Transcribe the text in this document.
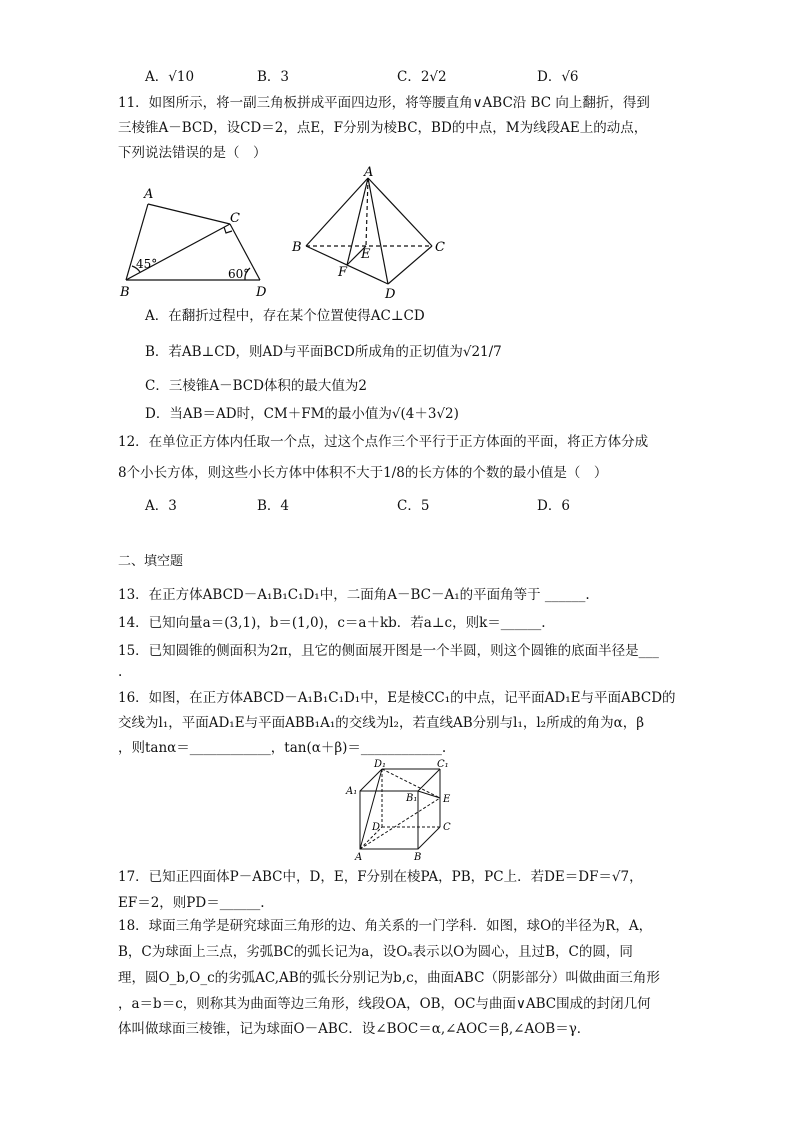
A．√10	B．3	C．2√2	D．√6
11．如图所示，将一副三角板拼成平面四边形，将等腰直角∨ABC沿 BC 向上翻折，得到
三棱锥A－BCD，设CD＝2，点E，F分别为棱BC，BD的中点，M为线段AE上的动点，
下列说法错误的是（　）
A
C
B	D
45°
60°
A
B	C
D
E
F
A．在翻折过程中，存在某个位置使得AC⊥CD
B．若AB⊥CD，则AD与平面BCD所成角的正切值为√21/7
C．三棱锥A－BCD体积的最大值为2
D．当AB＝AD时，CM＋FM的最小值为√(4＋3√2)
12．在单位正方体内任取一个点，过这个点作三个平行于正方体面的平面，将正方体分成
8个小长方体，则这些小长方体中体积不大于1/8的长方体的个数的最小值是（　）
A．3	B．4	C．5	D．6
二、填空题
13．在正方体ABCD－A₁B₁C₁D₁中，二面角A－BC－A₁的平面角等于 ______.
14．已知向量a＝(3,1)，b＝(1,0)，c＝a＋kb．若a⊥c，则k＝______.
15．已知圆锥的侧面积为2π，且它的侧面展开图是一个半圆，则这个圆锥的底面半径是___
.
16．如图，在正方体ABCD－A₁B₁C₁D₁中，E是棱CC₁的中点，记平面AD₁E与平面ABCD的
交线为l₁，平面AD₁E与平面ABB₁A₁的交线为l₂，若直线AB分别与l₁，l₂所成的角为α，β
，则tanα＝____________，tan(α＋β)＝____________.
D₁	C₁
A₁
B₁	E
D	C
A	B
17．已知正四面体P－ABC中，D，E，F分别在棱PA，PB，PC上．若DE＝DF＝√7，
EF＝2，则PD＝______.
18．球面三角学是研究球面三角形的边、角关系的一门学科．如图，球O的半径为R，A，
B，C为球面上三点，劣弧BC的弧长记为a，设Oₐ表示以O为圆心，且过B，C的圆，同
理，圆O_b,O_c的劣弧AC,AB的弧长分别记为b,c，曲面ABC（阴影部分）叫做曲面三角形
，a＝b＝c，则称其为曲面等边三角形，线段OA，OB，OC与曲面∨ABC围成的封闭几何
体叫做球面三棱锥，记为球面O－ABC．设∠BOC＝α,∠AOC＝β,∠AOB＝γ．
